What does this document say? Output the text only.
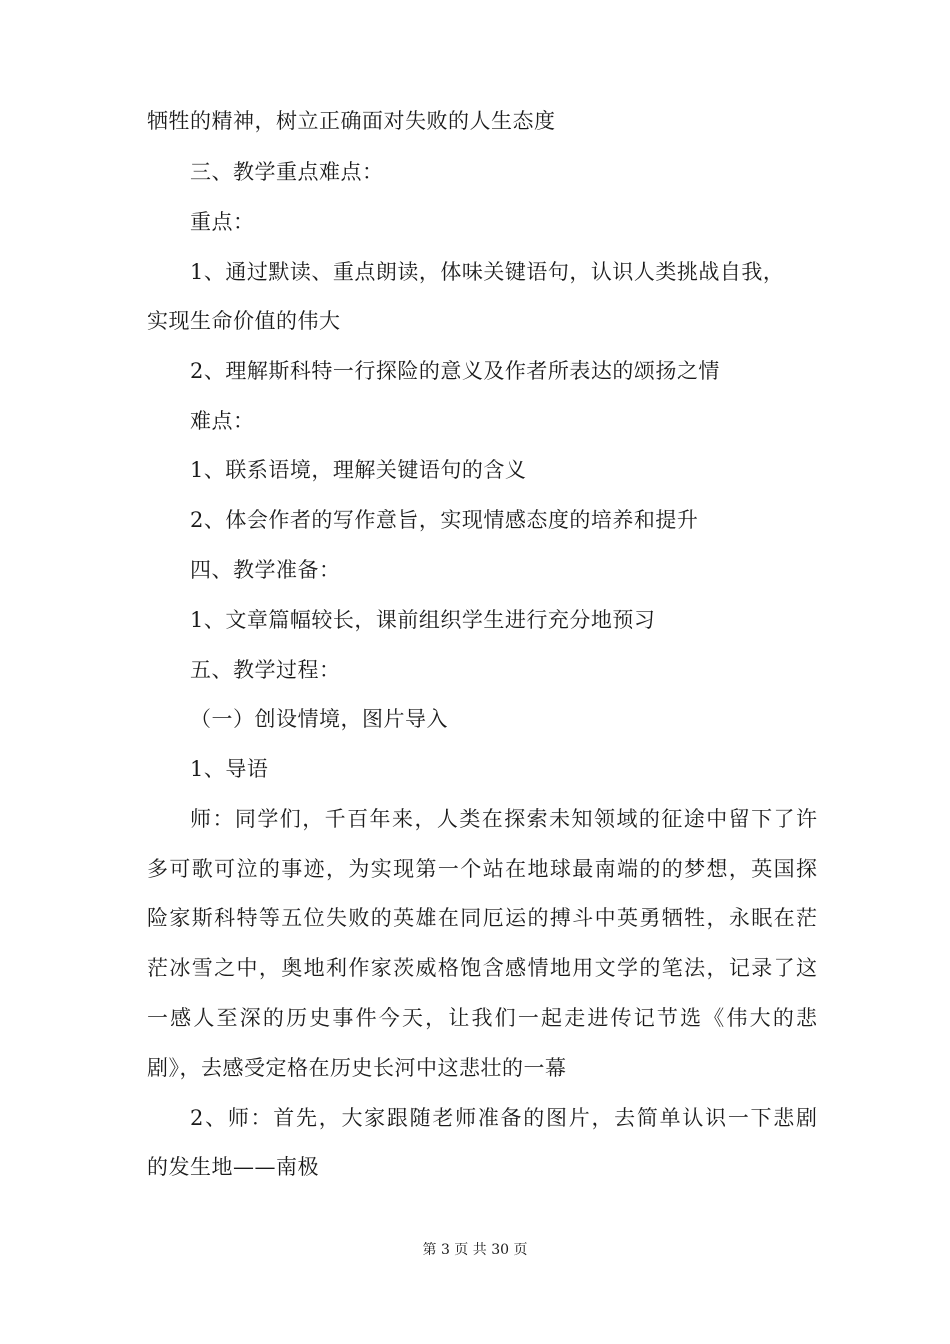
牺牲的精神，树立正确面对失败的人生态度
三、教学重点难点：
重点：
1、通过默读、重点朗读，体味关键语句，认识人类挑战自我，
实现生命价值的伟大
2、理解斯科特一行探险的意义及作者所表达的颂扬之情
难点：
1、联系语境，理解关键语句的含义
2、体会作者的写作意旨，实现情感态度的培养和提升
四、教学准备：
1、文章篇幅较长，课前组织学生进行充分地预习
五、教学过程：
（一）创设情境，图片导入
1、导语
师：同学们，千百年来，人类在探索未知领域的征途中留下了许
多可歌可泣的事迹，为实现第一个站在地球最南端的的梦想，英国探
险家斯科特等五位失败的英雄在同厄运的搏斗中英勇牺牲，永眠在茫
茫冰雪之中，奥地利作家茨威格饱含感情地用文学的笔法，记录了这
一感人至深的历史事件今天，让我们一起走进传记节选《伟大的悲
剧》，去感受定格在历史长河中这悲壮的一幕
2、师：首先，大家跟随老师准备的图片，去简单认识一下悲剧
的发生地——南极
第 3 页 共 30 页
